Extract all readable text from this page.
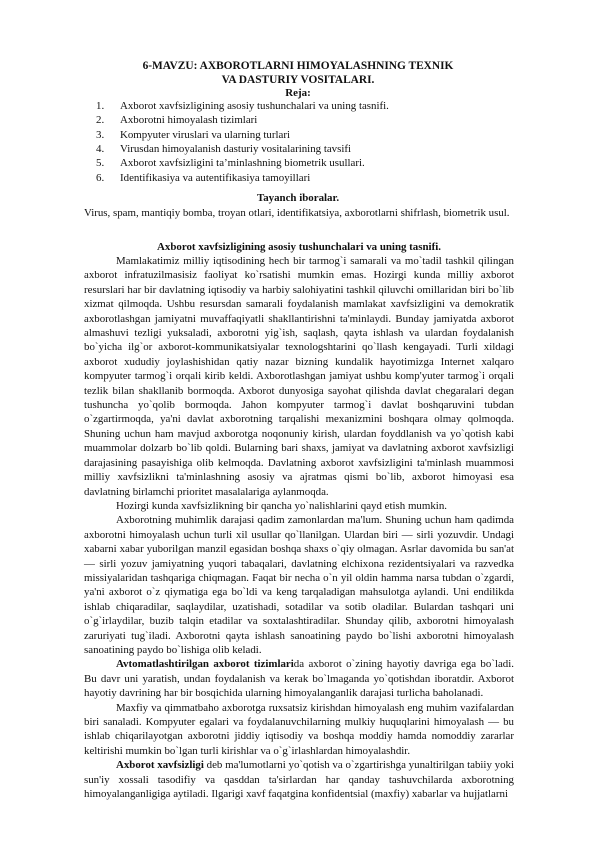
6-MAVZU: AXBOROTLARNI HIMOYALASHNING TEXNIK
VA DASTURIY VOSITALARI.
Reja:
1.	Axborot xavfsizligining asosiy tushunchalari va uning tasnifi.
2.	Axborotni himoyalash tizimlari
3.	Kompyuter viruslari va ularning turlari
4.	Virusdan himoyalanish dasturiy vositalarining tavsifi
5.	Axborot xavfsizligini ta’minlashning biometrik usullari.
6.	Identifikasiya va autentifikasiya tamoyillari
Tayanch iboralar.
Virus, spam, mantiqiy bomba, troyan otlari, identifikatsiya, axborotlarni shifrlash, biometrik usul.
Axborot xavfsizligining asosiy tushunchalari va uning tasnifi.

Mamlakatimiz milliy iqtisodining hech bir tarmog`i samarali va mo`tadil tashkil qilingan axborot infratuzilmasisiz faoliyat ko`rsatishi mumkin emas. Hozirgi kunda milliy axborot resurslari har bir davlatning iqtisodiy va harbiy salohiyatini tashkil qiluvchi omillaridan biri bo`lib xizmat qilmoqda. Ushbu resursdan samarali foydalanish mamlakat xavfsizligini va demokratik axborotlashgan jamiyatni muvaffaqiyatli shakllantirishni ta'minlaydi. Bunday jamiyatda axborot almashuvi tezligi yuksaladi, axborotni yig`ish, saqlash, qayta ishlash va ulardan foydalanish bo`yicha ilg`or axborot-kommunikatsiyalar texnologshtarini qo`llash kengayadi. Turli xildagi axborot xududiy joylashishidan qatiy nazar bizning kundalik hayotimizga Internet xalqaro kompyuter tarmog`i orqali kirib keldi. Axborotlashgan jamiyat ushbu komp'yuter tarmog`i orqali tezlik bilan shakllanib bormoqda. Axborot dunyosiga sayohat qilishda davlat chegaralari degan tushuncha yo`qolib bormoqda. Jahon kompyuter tarmog`i davlat boshqaruvini tubdan o`zgartirmoqda, ya'ni davlat axborotning tarqalishi mexanizmini boshqara olmay qolmoqda. Shuning uchun ham mavjud axborotga noqonuniy kirish, ulardan foyddlanish va yo`qotish kabi muammolar dolzarb bo`lib qoldi. Bularning bari shaxs, jamiyat va davlatning axborot xavfsizligi darajasining pasayishiga olib kelmoqda. Davlatning axborot xavfsizligini ta'minlash muammosi milliy xavfsizlikni ta'minlashning asosiy va ajratmas qismi bo`lib, axborot himoyasi esa davlatning birlamchi prioritet masalalariga aylanmoqda.

Hozirgi kunda xavfsizlikning bir qancha yo`nalishlarini qayd etish mumkin.

Axborotning muhimlik darajasi qadim zamonlardan ma'lum. Shuning uchun ham qadimda axborotni himoyalash uchun turli xil usullar qo`llanilgan. Ulardan biri — sirli yozuvdir. Undagi xabarni xabar yuborilgan manzil egasidan boshqa shaxs o`qiy olmagan. Asrlar davomida bu san'at — sirli yozuv jamiyatning yuqori tabaqalari, davlatning elchixona rezidentsiyalari va razvedka missiyalaridan tashqariga chiqmagan. Faqat bir necha o`n yil oldin hamma narsa tubdan o`zgardi, ya'ni axborot o`z qiymatiga ega bo`ldi va keng tarqaladigan mahsulotga aylandi. Uni endilikda ishlab chiqaradilar, saqlaydilar, uzatishadi, sotadilar va sotib oladilar. Bulardan tashqari uni o`g`irlaydilar, buzib talqin etadilar va soxtalashtiradilar. Shunday qilib, axborotni himoyalash zaruriyati tug`iladi. Axborotni qayta ishlash sanoatining paydo bo`lishi axborotni himoyalash sanoatining paydo bo`lishiga olib keladi.

Avtomatlashtirilgan axborot tizimlarida axborot o`zining hayotiy davriga ega bo`ladi. Bu davr uni yaratish, undan foydalanish va kerak bo`lmaganda yo`qotishdan iboratdir. Axborot hayotiy davrining har bir bosqichida ularning himoyalanganlik darajasi turlicha baholanadi.

Maxfiy va qimmatbaho axborotga ruxsatsiz kirishdan himoyalash eng muhim vazifalardan biri sanaladi. Kompyuter egalari va foydalanuvchilarning mulkiy huquqlarini himoyalash — bu ishlab chiqarilayotgan axborotni jiddiy iqtisodiy va boshqa moddiy hamda nomoddiy zararlar keltirishi mumkin bo`lgan turli kirishlar va o`g`irlashlardan himoyalashdir.

Axborot xavfsizligi deb ma'lumotlarni yo`qotish va o`zgartirishga yunaltirilgan tabiiy yoki sun'iy xossali tasodifiy va qasddan ta'sirlardan har qanday tashuvchilarda axborotning himoyalanganligiga aytiladi. Ilgarigi xavf faqatgina konfidentsial (maxfiy) xabarlar va hujjatlarni
